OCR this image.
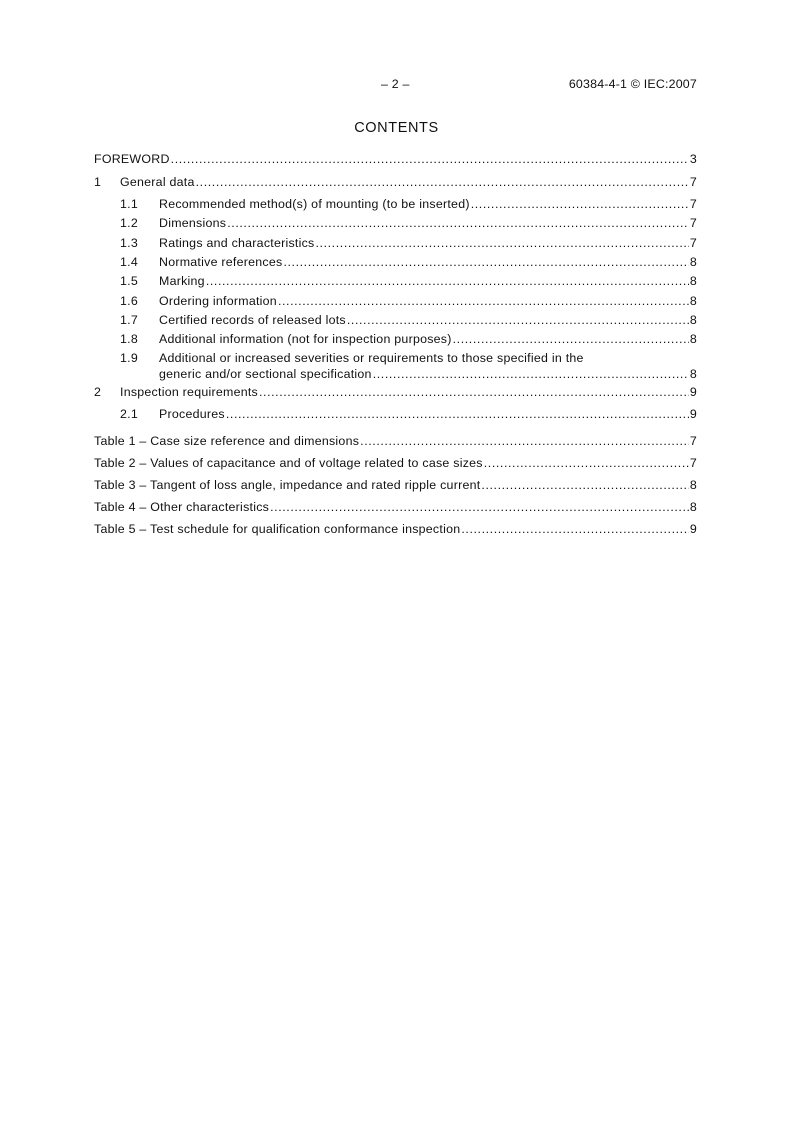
– 2 –	60384-4-1 © IEC:2007
CONTENTS
FOREWORD .....	3
1 General data .....	7
1.1 Recommended method(s) of mounting (to be inserted) .....	7
1.2 Dimensions .....	7
1.3 Ratings and characteristics .....	7
1.4 Normative references .....	8
1.5 Marking .....	8
1.6 Ordering information .....	8
1.7 Certified records of released lots .....	8
1.8 Additional information (not for inspection purposes) .....	8
1.9 Additional or increased severities or requirements to those specified in the
generic and/or sectional specification .....	8
2 Inspection requirements .....	9
2.1 Procedures .....	9
Table 1 – Case size reference and dimensions .....	7
Table 2 – Values of capacitance and of voltage related to case sizes .....	7
Table 3 – Tangent of loss angle, impedance and rated ripple current .....	8
Table 4 – Other characteristics .....	8
Table 5 – Test schedule for qualification conformance inspection .....	9
